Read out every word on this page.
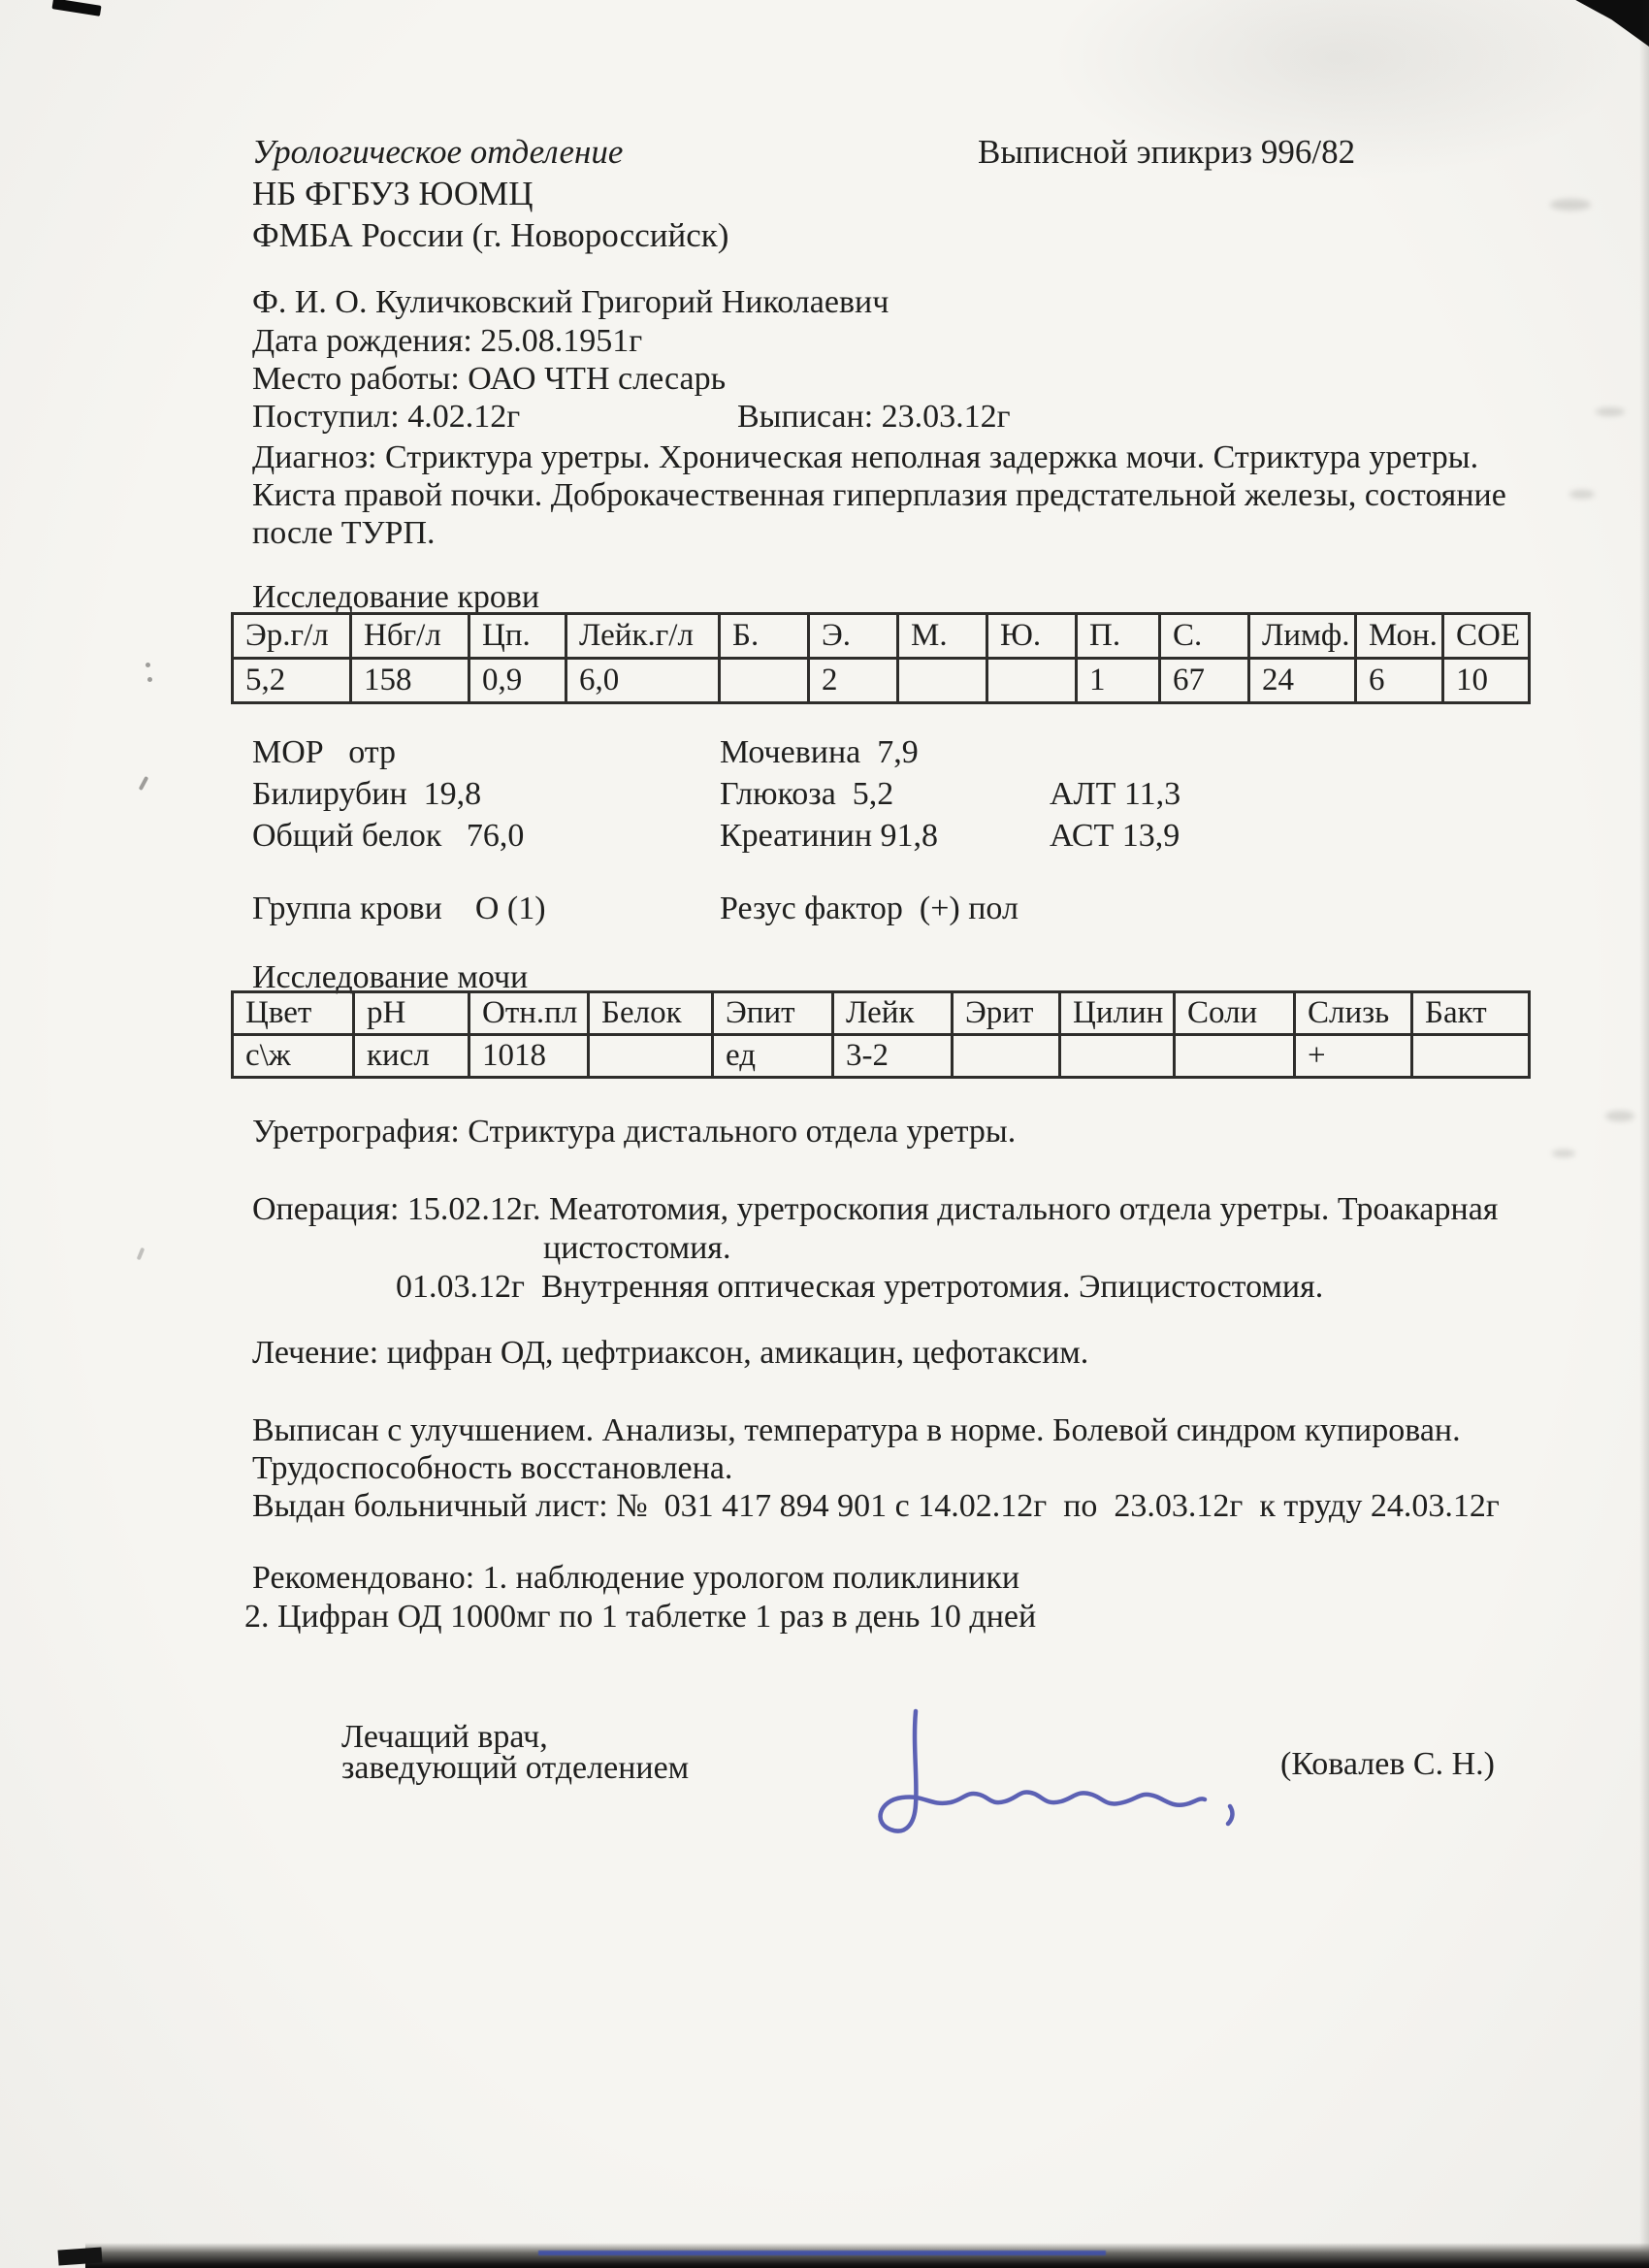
Урологическое отделение
НБ ФГБУЗ ЮОМЦ
ФМБА России (г. Новороссийск)
Выписной эпикриз 996/82
Ф. И. О. Куличковский Григорий Николаевич
Дата рождения: 25.08.1951г
Место работы: ОАО ЧТН слесарь
Поступил: 4.02.12г	Выписан: 23.03.12г
Диагноз: Стриктура уретры. Хроническая неполная задержка мочи. Стриктура уретры. Киста правой почки. Доброкачественная гиперплазия предстательной железы, состояние после ТУРП.
Исследование крови
Эр.г/л	Нбг/л	Цп.	Лейк.г/л	Б.	Э.	М.	Ю.	П.	С.	Лимф.	Мон.	СОЕ
5,2	158	0,9	6,0		2			1	67	24	6	10
МОР   отр	Мочевина  7,9
Билирубин  19,8	Глюкоза  5,2	АЛТ 11,3
Общий белок   76,0	Креатинин 91,8	АСТ 13,9
Группа крови    О (1)	Резус фактор  (+) пол
Исследование мочи
Цвет	pH	Отн.пл	Белок	Эпит	Лейк	Эрит	Цилин	Соли	Слизь	Бакт
с\ж	кисл	1018		ед	3-2				+	
Уретрография: Стриктура дистального отдела уретры.
Операция: 15.02.12г. Меатотомия, уретроскопия дистального отдела уретры. Троакарная
цистостомия.
01.03.12г  Внутренняя оптическая уретротомия. Эпицистостомия.
Лечение: цифран ОД, цефтриаксон, амикацин, цефотаксим.
Выписан с улучшением. Анализы, температура в норме. Болевой синдром купирован.
Трудоспособность восстановлена.
Выдан больничный лист: №  031 417 894 901 с 14.02.12г  по  23.03.12г  к труду 24.03.12г
Рекомендовано: 1. наблюдение урологом поликлиники
2. Цифран ОД 1000мг по 1 таблетке 1 раз в день 10 дней
Лечащий врач,
заведующий отделением	(Ковалев С. Н.)
